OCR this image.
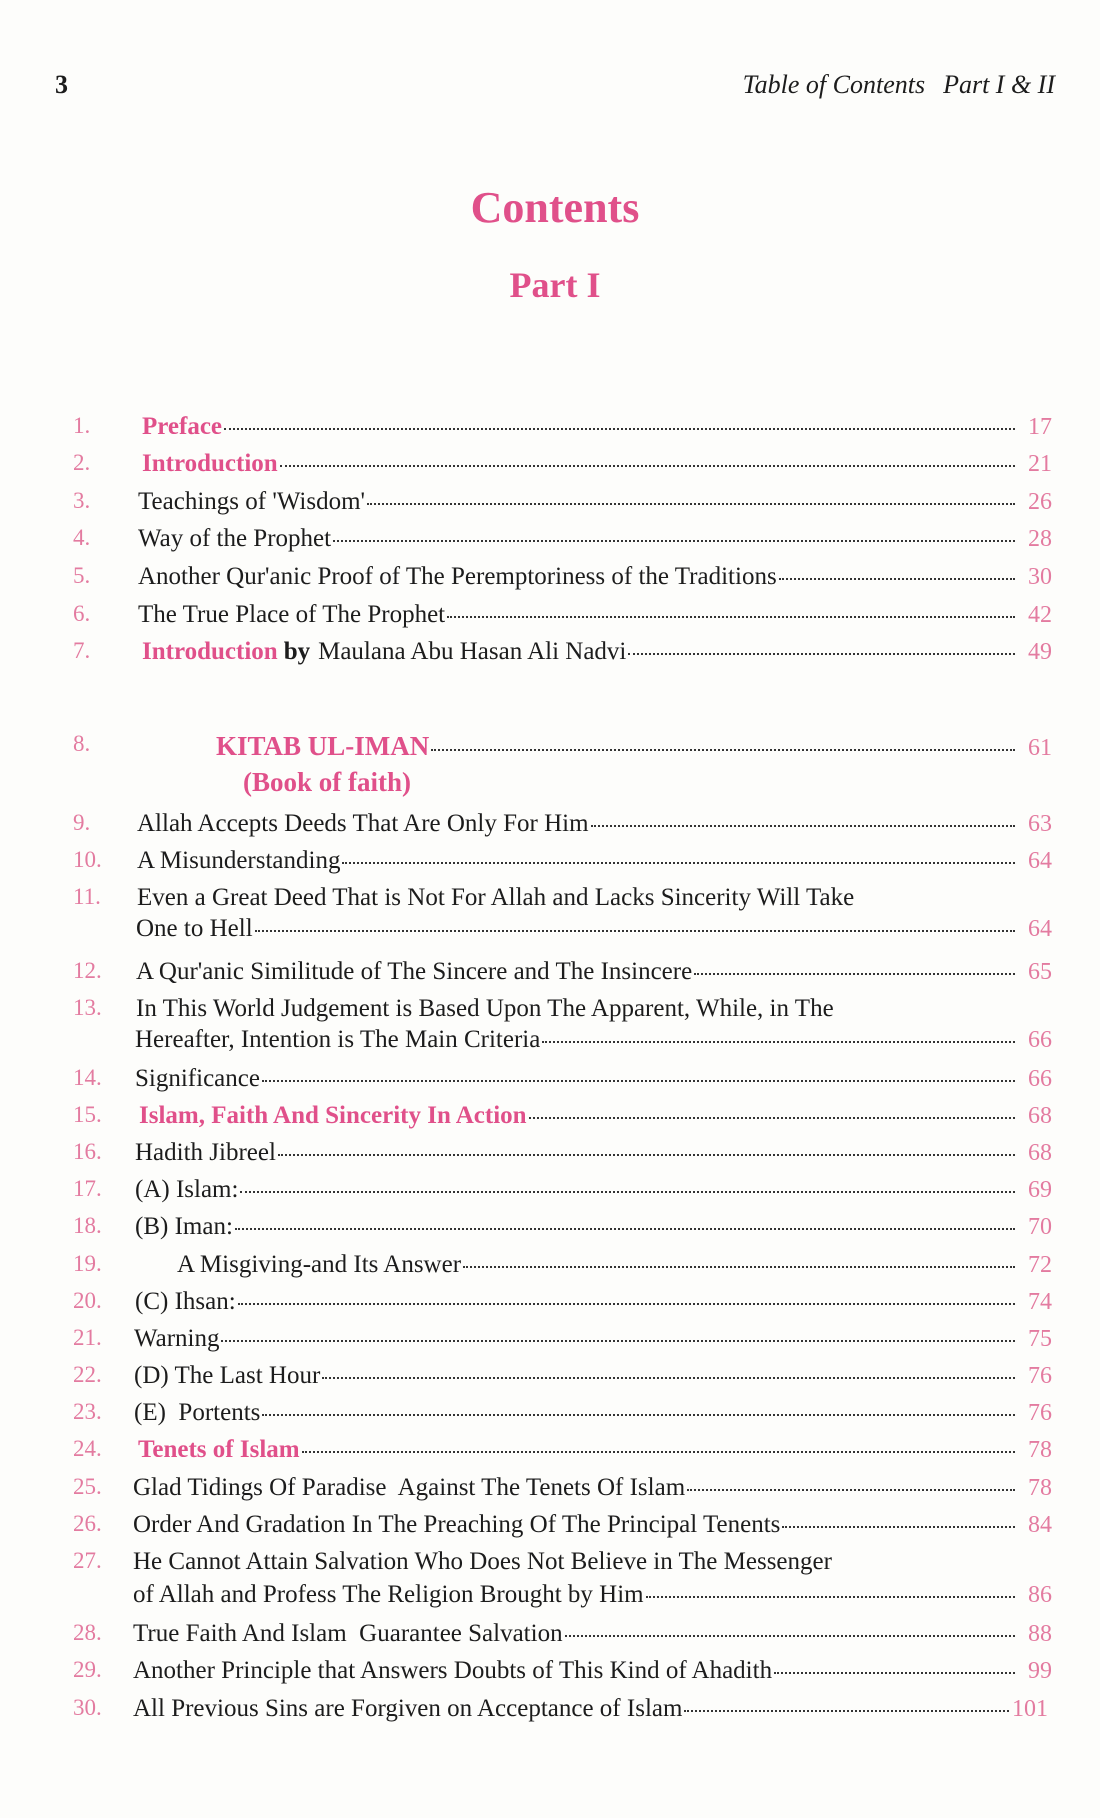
3	Table of Contents Part I & II
Contents
Part I
1.	Preface	17
2.	Introduction	21
3.	Teachings of 'Wisdom'	26
4.	Way of the Prophet	28
5.	Another Qur'anic Proof of The Peremptoriness of the Traditions	30
6.	The True Place of The Prophet	42
7.	Introduction by Maulana Abu Hasan Ali Nadvi	49
8.	KITAB UL-IMAN	61
(Book of faith)
9.	Allah Accepts Deeds That Are Only For Him	63
10.	A Misunderstanding	64
11.	Even a Great Deed That is Not For Allah and Lacks Sincerity Will Take
One to Hell	64
12.	A Qur'anic Similitude of The Sincere and The Insincere	65
13.	In This World Judgement is Based Upon The Apparent, While, in The
Hereafter, Intention is The Main Criteria	66
14.	Significance	66
15.	Islam, Faith And Sincerity In Action	68
16.	Hadith Jibreel	68
17.	(A) Islam:	69
18.	(B) Iman:	70
19.	A Misgiving-and Its Answer	72
20.	(C) Ihsan:	74
21.	Warning	75
22.	(D) The Last Hour	76
23.	(E)  Portents	76
24.	Tenets of Islam	78
25.	Glad Tidings Of Paradise  Against The Tenets Of Islam	78
26.	Order And Gradation In The Preaching Of The Principal Tenents	84
27.	He Cannot Attain Salvation Who Does Not Believe in The Messenger
of Allah and Profess The Religion Brought by Him	86
28.	True Faith And Islam  Guarantee Salvation	88
29.	Another Principle that Answers Doubts of This Kind of Ahadith	99
30.	All Previous Sins are Forgiven on Acceptance of Islam	101
